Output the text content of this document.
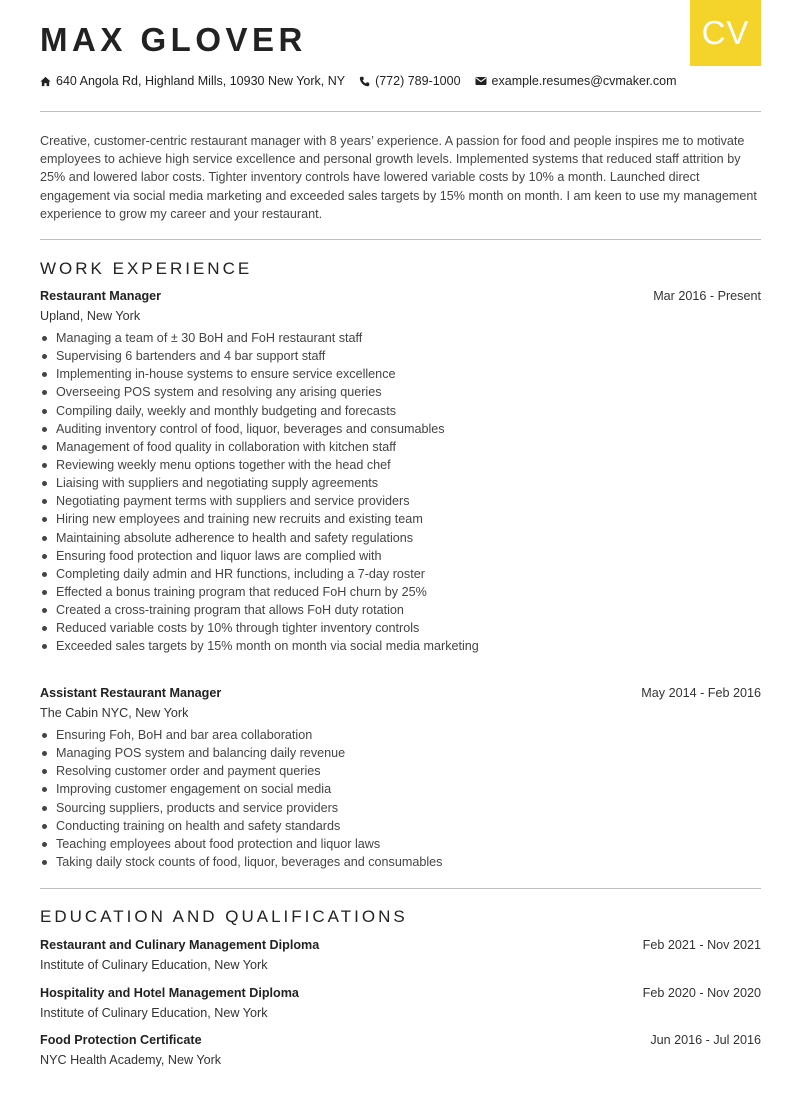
CV
MAX GLOVER
640 Angola Rd, Highland Mills, 10930 New York, NY (772) 789-1000 example.resumes@cvmaker.com

Creative, customer-centric restaurant manager with 8 years’ experience. A passion for food and people inspires me to motivate employees to achieve high service excellence and personal growth levels. Implemented systems that reduced staff attrition by 25% and lowered labor costs. Tighter inventory controls have lowered variable costs by 10% a month. Launched direct engagement via social media marketing and exceeded sales targets by 15% month on month. I am keen to use my management experience to grow my career and your restaurant.

WORK EXPERIENCE
Restaurant Manager	Mar 2016 - Present
Upland, New York
Managing a team of ± 30 BoH and FoH restaurant staff
Supervising 6 bartenders and 4 bar support staff
Implementing in-house systems to ensure service excellence
Overseeing POS system and resolving any arising queries
Compiling daily, weekly and monthly budgeting and forecasts
Auditing inventory control of food, liquor, beverages and consumables
Management of food quality in collaboration with kitchen staff
Reviewing weekly menu options together with the head chef
Liaising with suppliers and negotiating supply agreements
Negotiating payment terms with suppliers and service providers
Hiring new employees and training new recruits and existing team
Maintaining absolute adherence to health and safety regulations
Ensuring food protection and liquor laws are complied with
Completing daily admin and HR functions, including a 7-day roster
Effected a bonus training program that reduced FoH churn by 25%
Created a cross-training program that allows FoH duty rotation
Reduced variable costs by 10% through tighter inventory controls
Exceeded sales targets by 15% month on month via social media marketing
Assistant Restaurant Manager	May 2014 - Feb 2016
The Cabin NYC, New York
Ensuring Foh, BoH and bar area collaboration
Managing POS system and balancing daily revenue
Resolving customer order and payment queries
Improving customer engagement on social media
Sourcing suppliers, products and service providers
Conducting training on health and safety standards
Teaching employees about food protection and liquor laws
Taking daily stock counts of food, liquor, beverages and consumables
EDUCATION AND QUALIFICATIONS
Restaurant and Culinary Management Diploma	Feb 2021 - Nov 2021
Institute of Culinary Education, New York
Hospitality and Hotel Management Diploma	Feb 2020 - Nov 2020
Institute of Culinary Education, New York
Food Protection Certificate	Jun 2016 - Jul 2016
NYC Health Academy, New York
